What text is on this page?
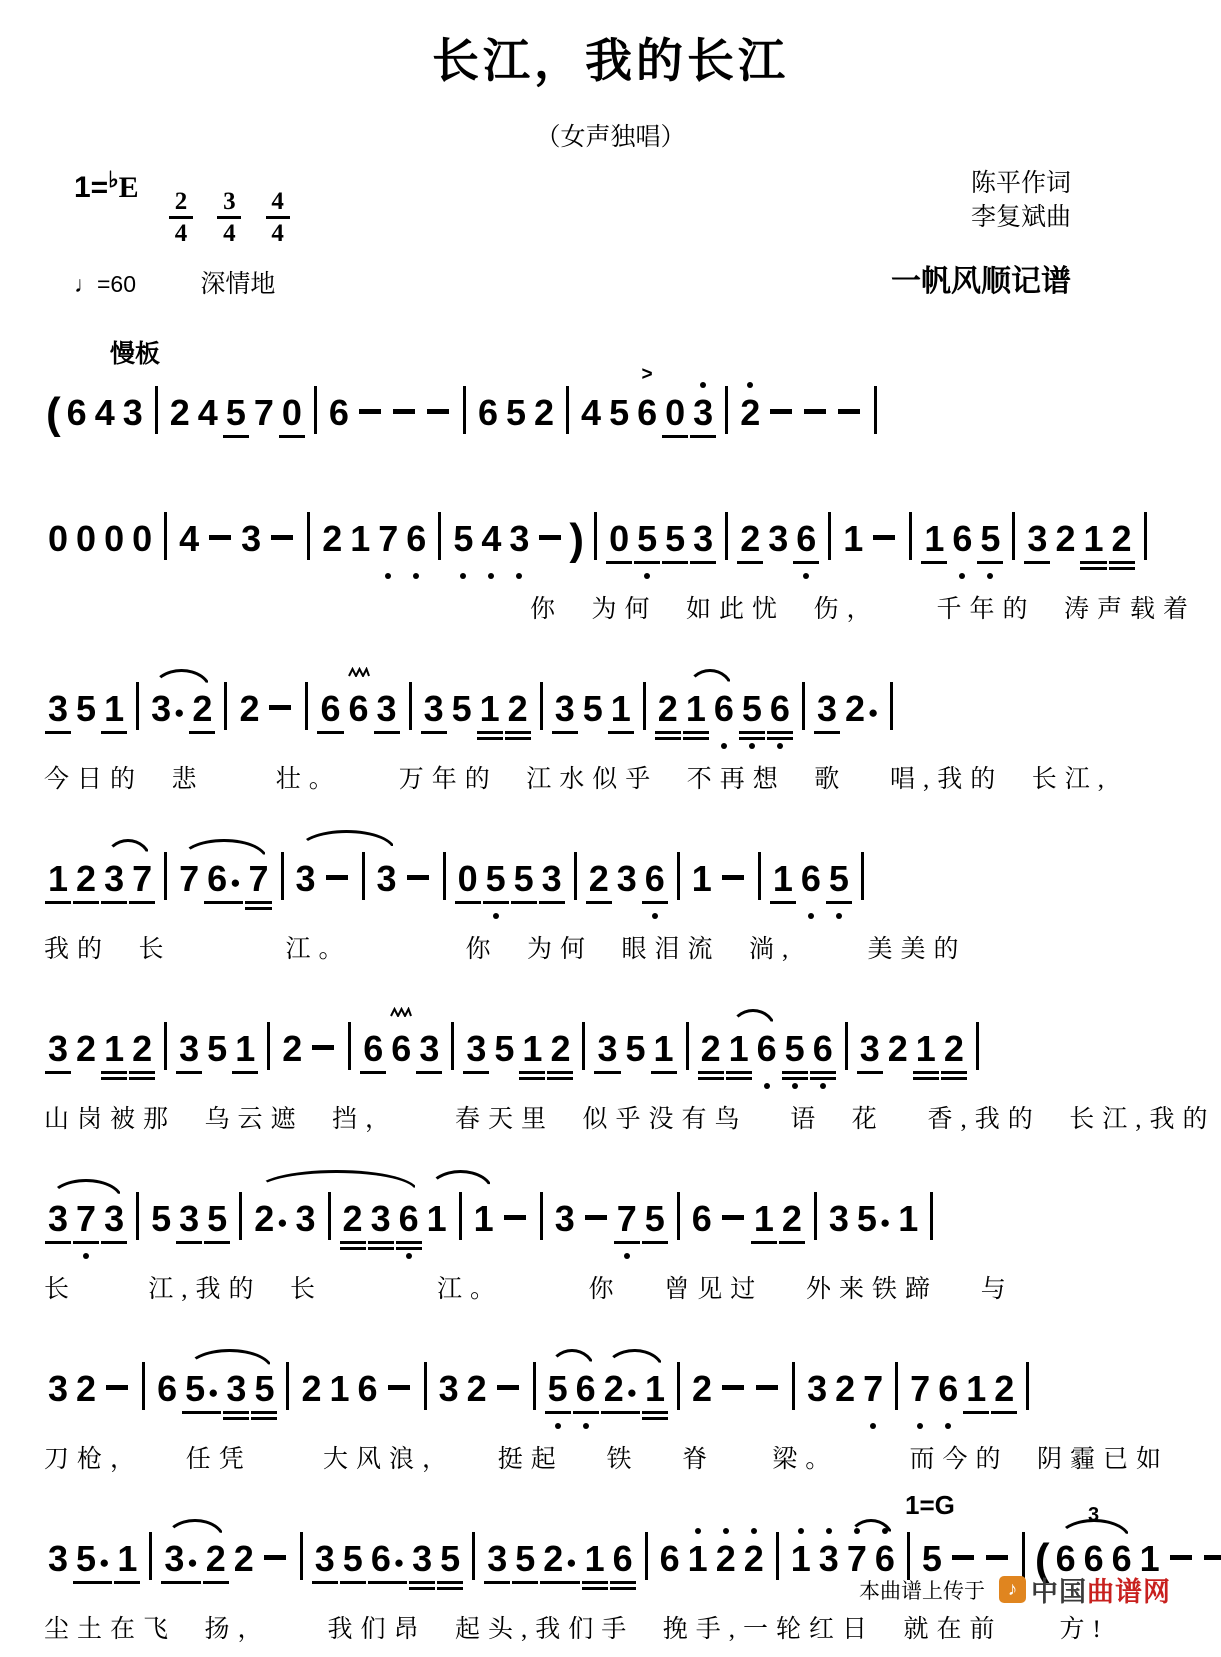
长江，我的长江
（女声独唱）
1=♭E
$\frac{2}{4}$
$\frac{3}{4}$
$\frac{4}{4}$
陈平作词
李复斌曲
♩=60	深情地	一帆风顺记谱
慢板
( 6 4 3 2 4 5 7 0 6	6 5 2 4 5 6
>
0 3 2
0 0 0 0 4 3 2 1 7 6 5 4 3 ) 0 5 5 3 2 3 6 1 1 6 5 3 2 1 2
你  为何  如此忧  伤，    千年的  涛声载着
3 5 1 3 ● 2 2 6 6 3 3 5 1 2 3 5 1 2 1 6 5 6 3 2 ●
今日的  悲     壮。    万年的  江水似乎  不再想  歌   唱,我的  长江,
1 2 3 7 7 6 ● 7 3 3 0 5 5 3 2 3 6 1 1 6 5
我的  长        江。        你  为何  眼泪流  淌,     美美的
3 2 1 2 3 5 1 2 6 6 3 3 5 1 2 3 5 1 2 1 6 5 6 3 2 1 2
山岗被那  乌云遮  挡，    春天里  似乎没有鸟   语  花   香,我的  长江,我的
3 7 3 5 3 5 2 ● 3 2 3 6 1 1 3 7 5 6 1 2 3 5 ● 1
长     江,我的  长        江。      你   曾见过   外来铁蹄   与
3 2 6 5 ● 3 5 2 1 6 3 2 5 6 2 ● 1 2	3 2 7 7 6 1 2
刀枪，   任凭     大风浪，   挺起   铁   脊    梁。     而今的  阴霾已如
1=G
3 5 ● 1 3 ● 2 2 3 5 6 ● 3 5 3 5 2 ● 1 6 6 1 2 2 1 3 7 6 5 ( 6 6 6
3
1
尘土在飞  扬，    我们昂  起头,我们手  挽手,一轮红日  就在前    方!
本曲谱上传于	♪ 中国 曲谱网
